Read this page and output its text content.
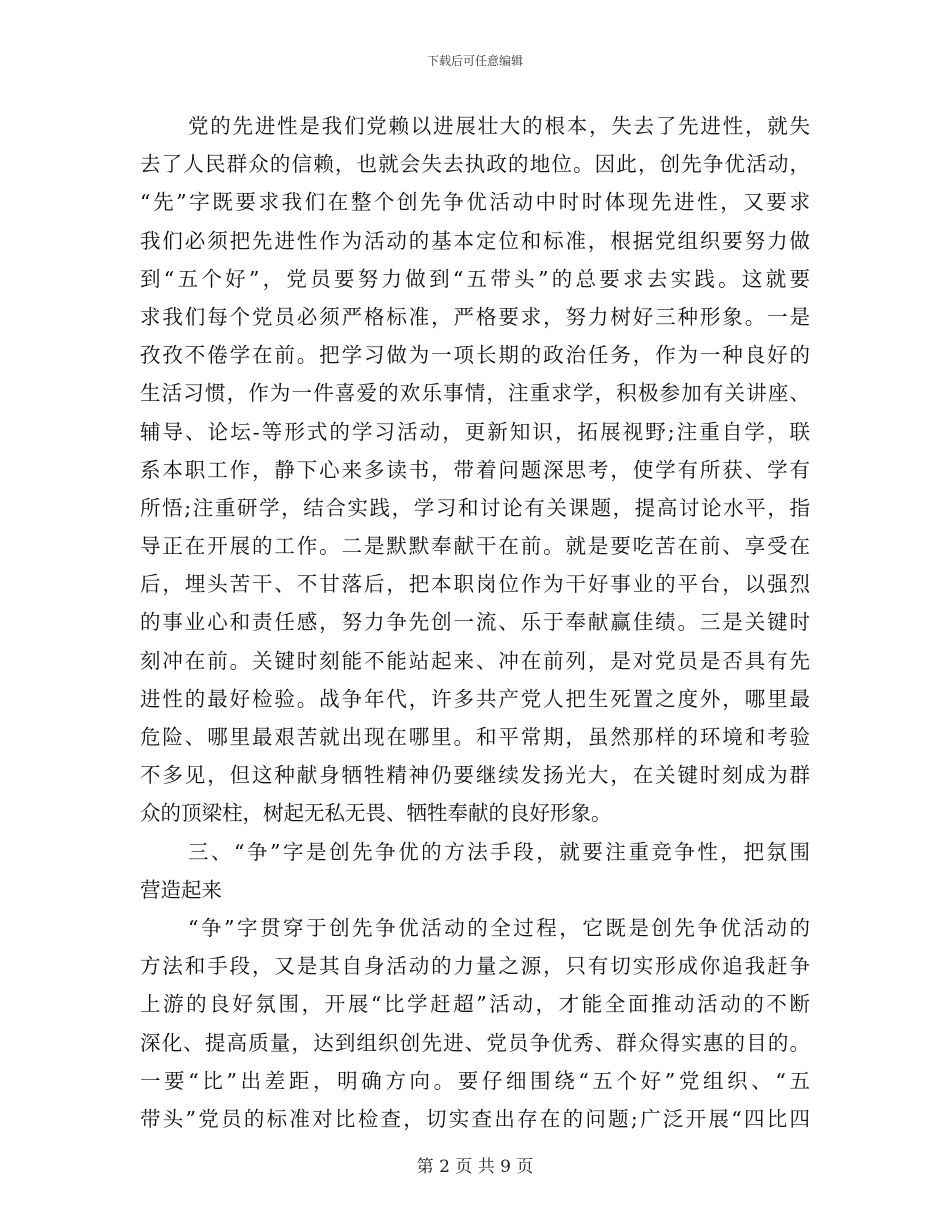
下载后可任意编辑
党的先进性是我们党赖以进展壮大的根本，失去了先进性，就失
去了人民群众的信赖，也就会失去执政的地位。因此，创先争优活动，
“先”字既要求我们在整个创先争优活动中时时体现先进性，又要求
我们必须把先进性作为活动的基本定位和标准，根据党组织要努力做
到“五个好”，党员要努力做到“五带头”的总要求去实践。这就要
求我们每个党员必须严格标准，严格要求，努力树好三种形象。一是
孜孜不倦学在前。把学习做为一项长期的政治任务，作为一种良好的
生活习惯，作为一件喜爱的欢乐事情，注重求学，积极参加有关讲座、
辅导、论坛-等形式的学习活动，更新知识，拓展视野;注重自学，联
系本职工作，静下心来多读书，带着问题深思考，使学有所获、学有
所悟;注重研学，结合实践，学习和讨论有关课题，提高讨论水平，指
导正在开展的工作。二是默默奉献干在前。就是要吃苦在前、享受在
后，埋头苦干、不甘落后，把本职岗位作为干好事业的平台，以强烈
的事业心和责任感，努力争先创一流、乐于奉献赢佳绩。三是关键时
刻冲在前。关键时刻能不能站起来、冲在前列，是对党员是否具有先
进性的最好检验。战争年代，许多共产党人把生死置之度外，哪里最
危险、哪里最艰苦就出现在哪里。和平常期，虽然那样的环境和考验
不多见，但这种献身牺牲精神仍要继续发扬光大，在关键时刻成为群
众的顶梁柱，树起无私无畏、牺牲奉献的良好形象。
三、“争”字是创先争优的方法手段，就要注重竞争性，把氛围
营造起来
“争”字贯穿于创先争优活动的全过程，它既是创先争优活动的
方法和手段，又是其自身活动的力量之源，只有切实形成你追我赶争
上游的良好氛围，开展“比学赶超”活动，才能全面推动活动的不断
深化、提高质量，达到组织创先进、党员争优秀、群众得实惠的目的。
一要“比”出差距，明确方向。要仔细围绕“五个好”党组织、“五
带头”党员的标准对比检查，切实查出存在的问题;广泛开展“四比四
第 2 页 共 9 页
